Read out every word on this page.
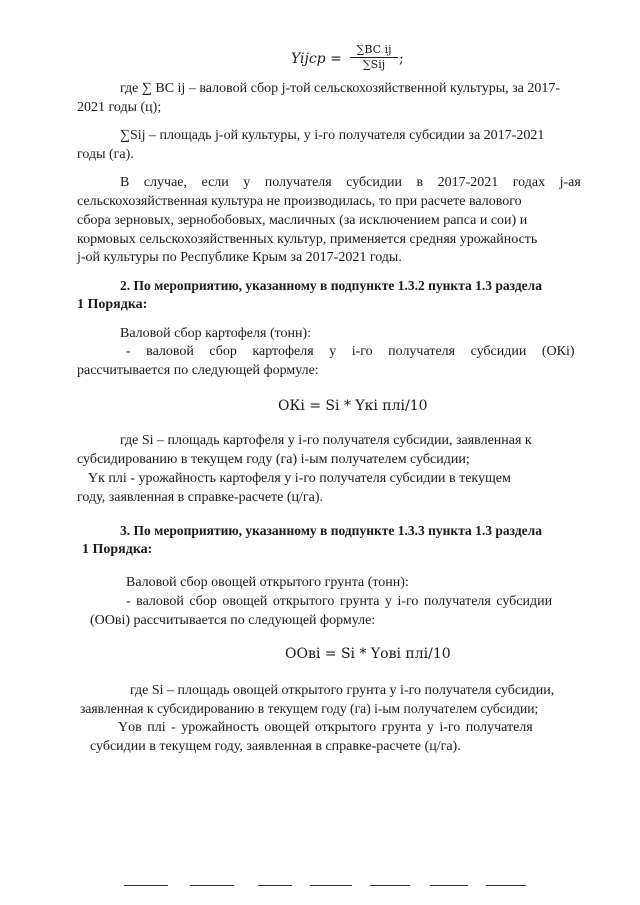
Yijcp =
∑BC ij
∑Sij ;
где ∑ ВС ij – валовой сбор j-той сельскохозяйственной культуры, за 2017-
2021 годы (ц);
∑Sij – площадь j-ой культуры, у i-го получателя субсидии за 2017-2021
годы (га).
В случае, если у получателя субсидии в 2017-2021 годах j-ая
сельскохозяйственная культура не производилась, то при расчете валового
сбора зерновых, зернобобовых, масличных (за исключением рапса и сои) и
кормовых сельскохозяйственных культур, применяется средняя урожайность
j-ой культуры по Республике Крым за 2017-2021 годы.
2. По мероприятию, указанному в подпункте 1.3.2 пункта 1.3 раздела
1 Порядка:
Валовой сбор картофеля (тонн):
- валовой сбор картофеля у i-го получателя субсидии (ОКi)
рассчитывается по следующей формуле:
ОКi = Si * Yкi плi/10
где Si – площадь картофеля у i-го получателя субсидии, заявленная к
субсидированию в текущем году (га) i-ым получателем субсидии;
Yк плi - урожайность картофеля у i-го получателя субсидии в текущем
году, заявленная в справке-расчете (ц/га).
3. По мероприятию, указанному в подпункте 1.3.3 пункта 1.3 раздела
1 Порядка:
Валовой сбор овощей открытого грунта (тонн):
- валовой сбор овощей открытого грунта у i-го получателя субсидии
(ООвi) рассчитывается по следующей формуле:
ООвi = Si * Yовi плi/10
где Si – площадь овощей открытого грунта у i-го получателя субсидии,
заявленная к субсидированию в текущем году (га) i-ым получателем субсидии;
Yов плi - урожайность овощей открытого грунта у i-го получателя
субсидии в текущем году, заявленная в справке-расчете (ц/га).
